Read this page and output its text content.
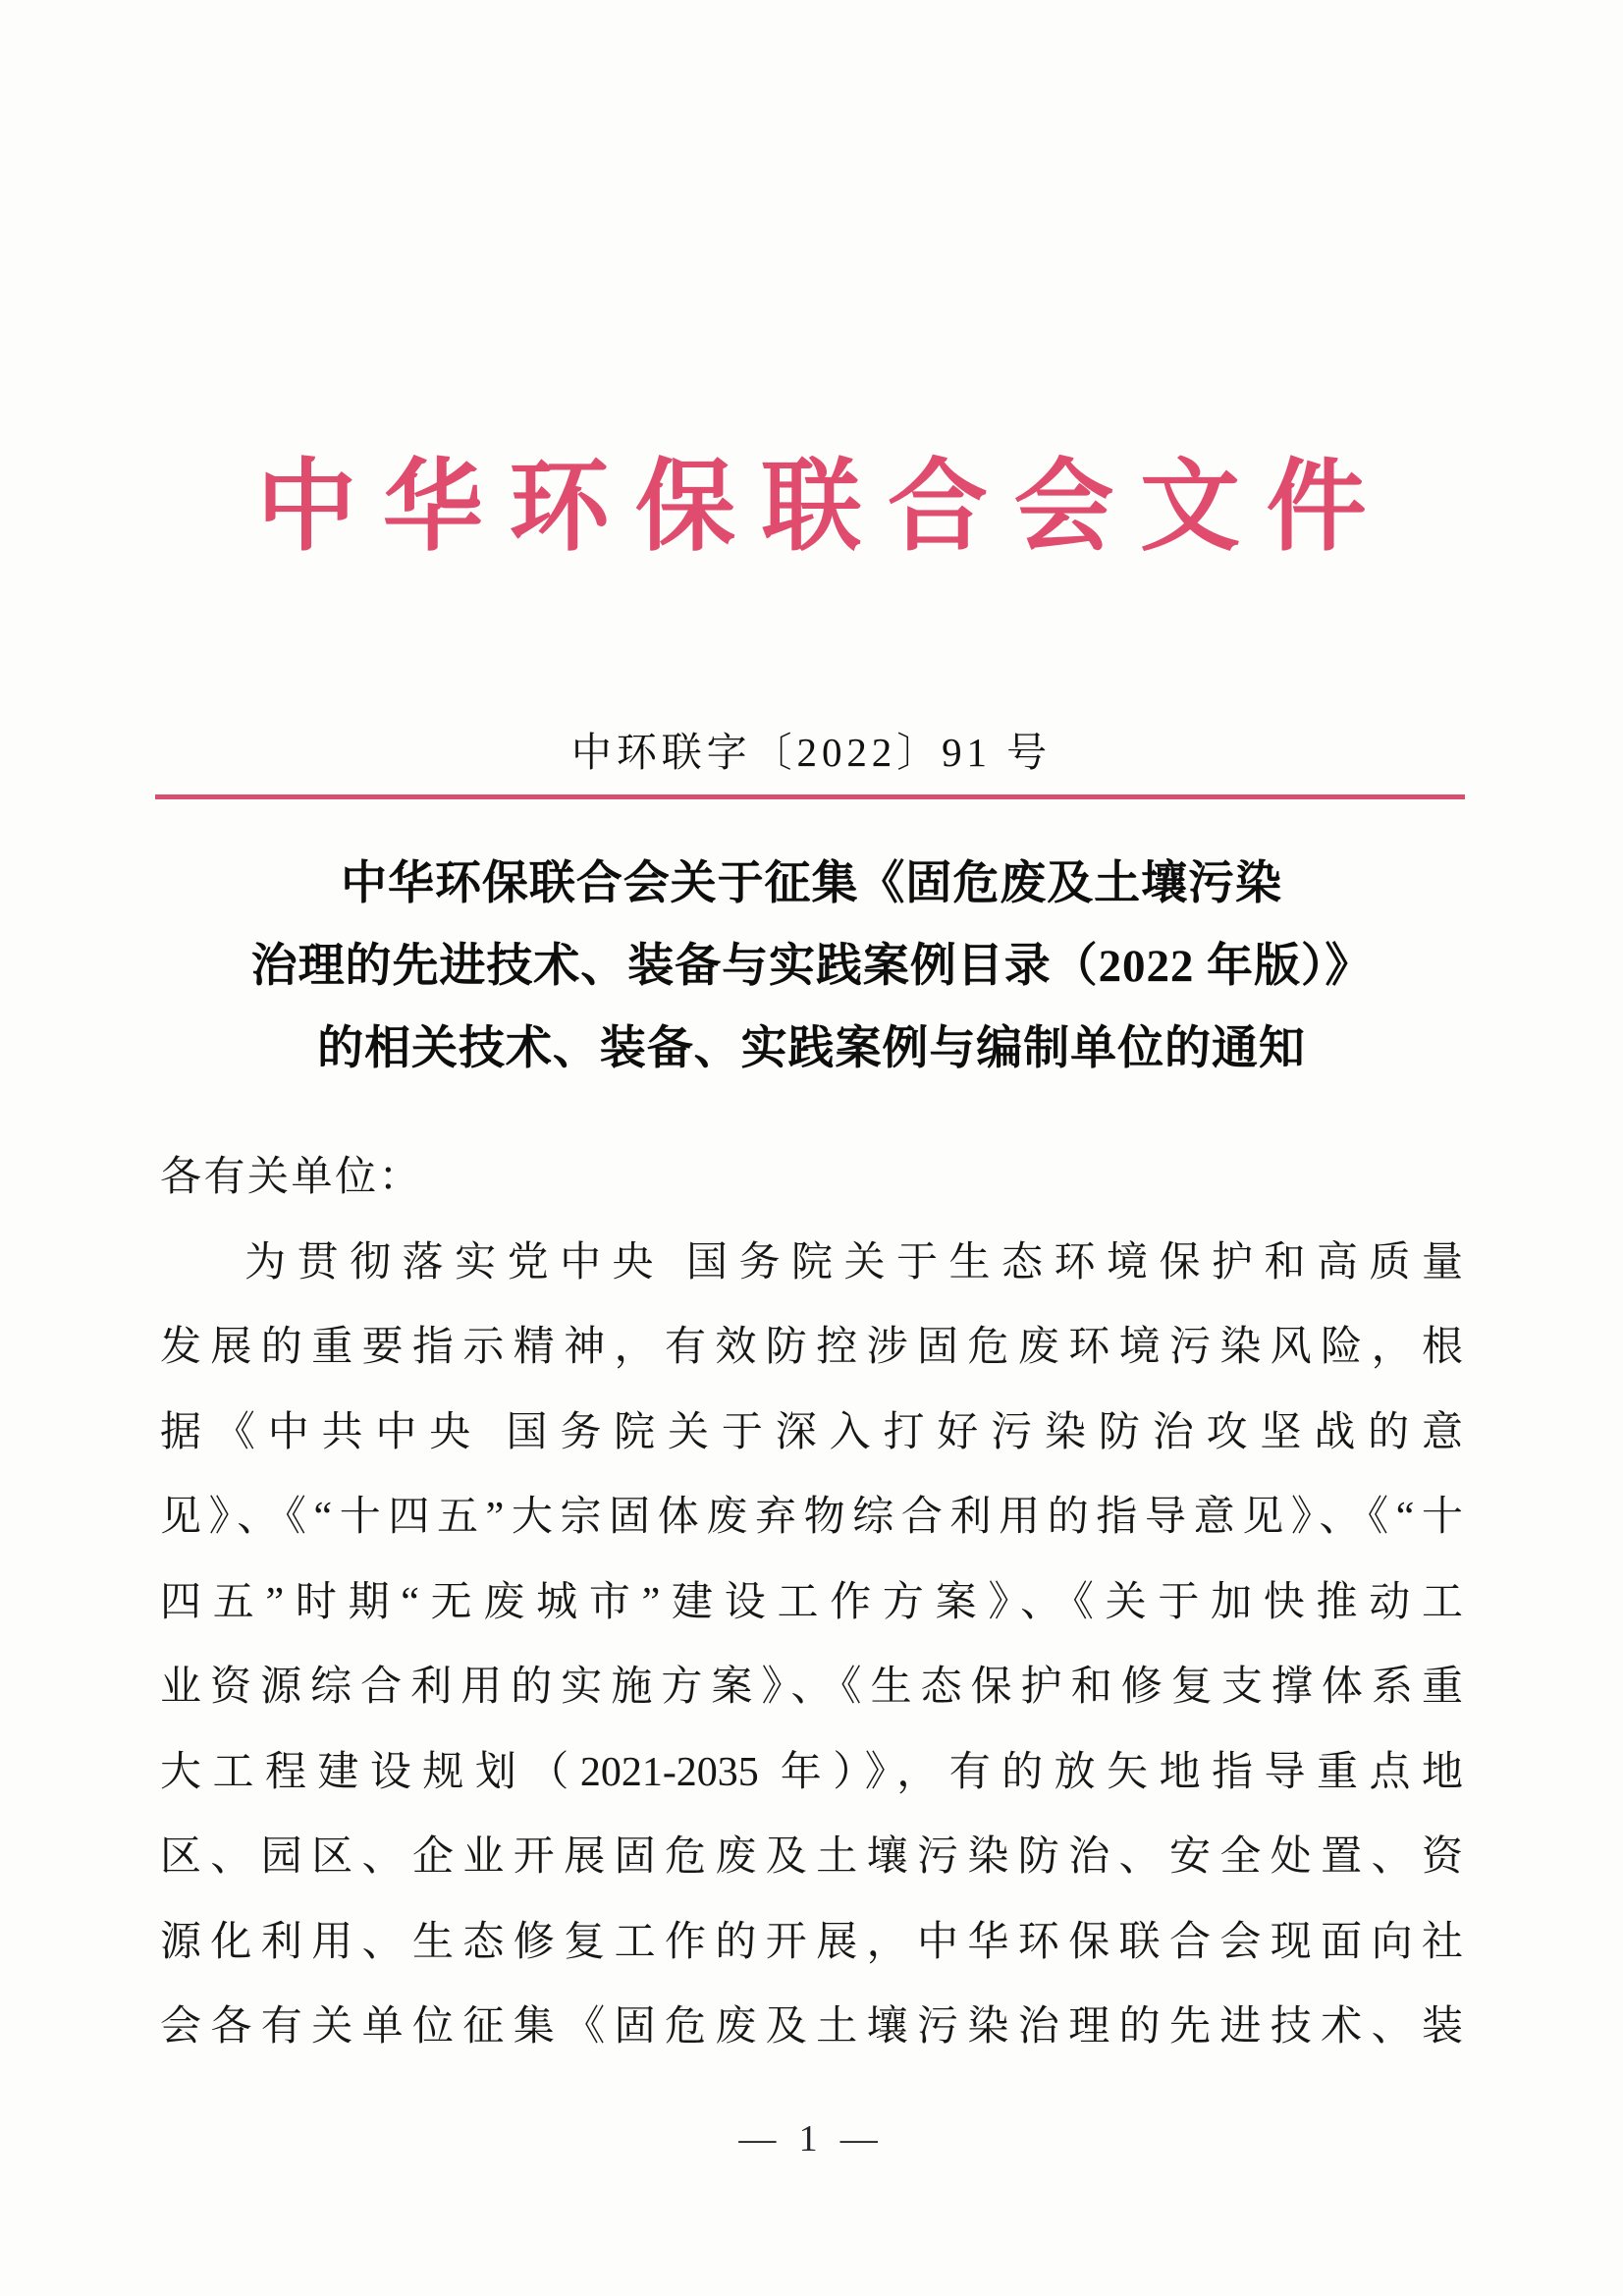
中华环保联合会文件
中环联字〔2022〕91 号
中华环保联合会关于征集《固危废及土壤污染
治理的先进技术、装备与实践案例目录（2022 年版）》
的相关技术、装备、实践案例与编制单位的通知
各有关单位：
为贯彻落实党中央 国务院关于生态环境保护和高质量
发展的重要指示精神，有效防控涉固危废环境污染风险，根
据《中共中央 国务院关于深入打好污染防治攻坚战的意
见》、《“十四五”大宗固体废弃物综合利用的指导意见》、《“十
四五”时期“无废城市”建设工作方案》、《关于加快推动工
业资源综合利用的实施方案》、《生态保护和修复支撑体系重
大工程建设规划（2021-2035 年）》，有的放矢地指导重点地
区、园区、企业开展固危废及土壤污染防治、安全处置、资
源化利用、生态修复工作的开展，中华环保联合会现面向社
会各有关单位征集《固危废及土壤污染治理的先进技术、装
— 1 —
